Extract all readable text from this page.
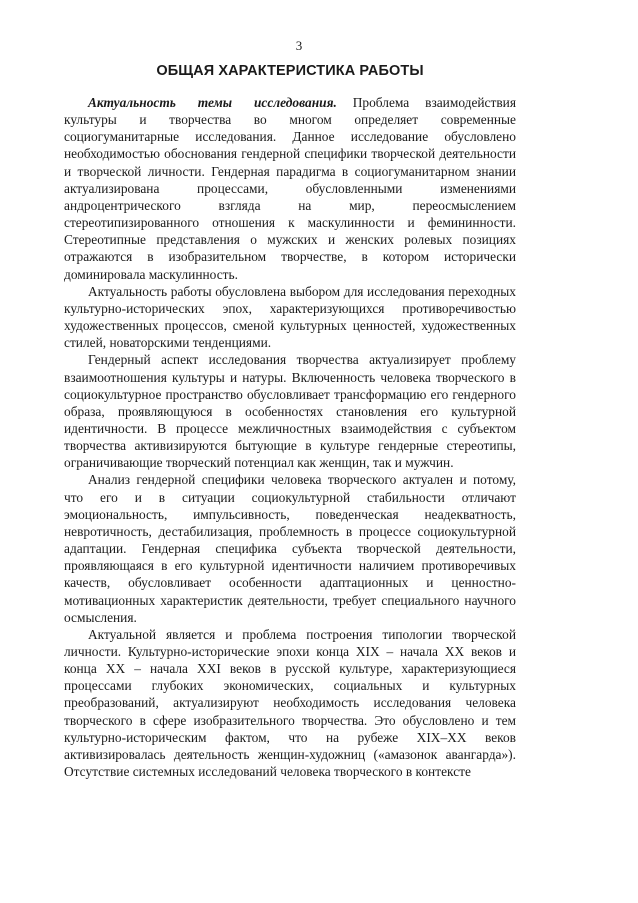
3
ОБЩАЯ ХАРАКТЕРИСТИКА РАБОТЫ

Актуальность темы исследования. Проблема взаимодействия культуры и творчества во многом определяет современные социогуманитарные исследования. Данное исследование обусловлено необходимостью обоснования гендерной специфики творческой деятельности и творческой личности. Гендерная парадигма в социогуманитарном знании актуализирована процессами, обусловленными изменениями андроцентрического взгляда на мир, переосмыслением стереотипизированного отношения к маскулинности и фемининности. Стереотипные представления о мужских и женских ролевых позициях отражаются в изобразительном творчестве, в котором исторически доминировала маскулинность.

Актуальность работы обусловлена выбором для исследования переходных культурно-исторических эпох, характеризующихся противоречивостью художественных процессов, сменой культурных ценностей, художественных стилей, новаторскими тенденциями.

Гендерный аспект исследования творчества актуализирует проблему взаимоотношения культуры и натуры. Включенность человека творческого в социокультурное пространство обусловливает трансформацию его гендерного образа, проявляющуюся в особенностях становления его культурной идентичности. В процессе межличностных взаимодействия с субъектом творчества активизируются бытующие в культуре гендерные стереотипы, ограничивающие творческий потенциал как женщин, так и мужчин.

Анализ гендерной специфики человека творческого актуален и потому, что его и в ситуации социокультурной стабильности отличают эмоциональность, импульсивность, поведенческая неадекватность, невротичность, дестабилизация, проблемность в процессе социокультурной адаптации. Гендерная специфика субъекта творческой деятельности, проявляющаяся в его культурной идентичности наличием противоречивых качеств, обусловливает особенности адаптационных и ценностно-мотивационных характеристик деятельности, требует специального научного осмысления.

Актуальной является и проблема построения типологии творческой личности. Культурно-исторические эпохи конца XIX – начала XX веков и конца XX – начала XXI веков в русской культуре, характеризующиеся процессами глубоких экономических, социальных и культурных преобразований, актуализируют необходимость исследования человека творческого в сфере изобразительного творчества. Это обусловлено и тем культурно-историческим фактом, что на рубеже XIX–XX веков активизировалась деятельность женщин-художниц («амазонок авангарда»). Отсутствие системных исследований человека творческого в контексте
